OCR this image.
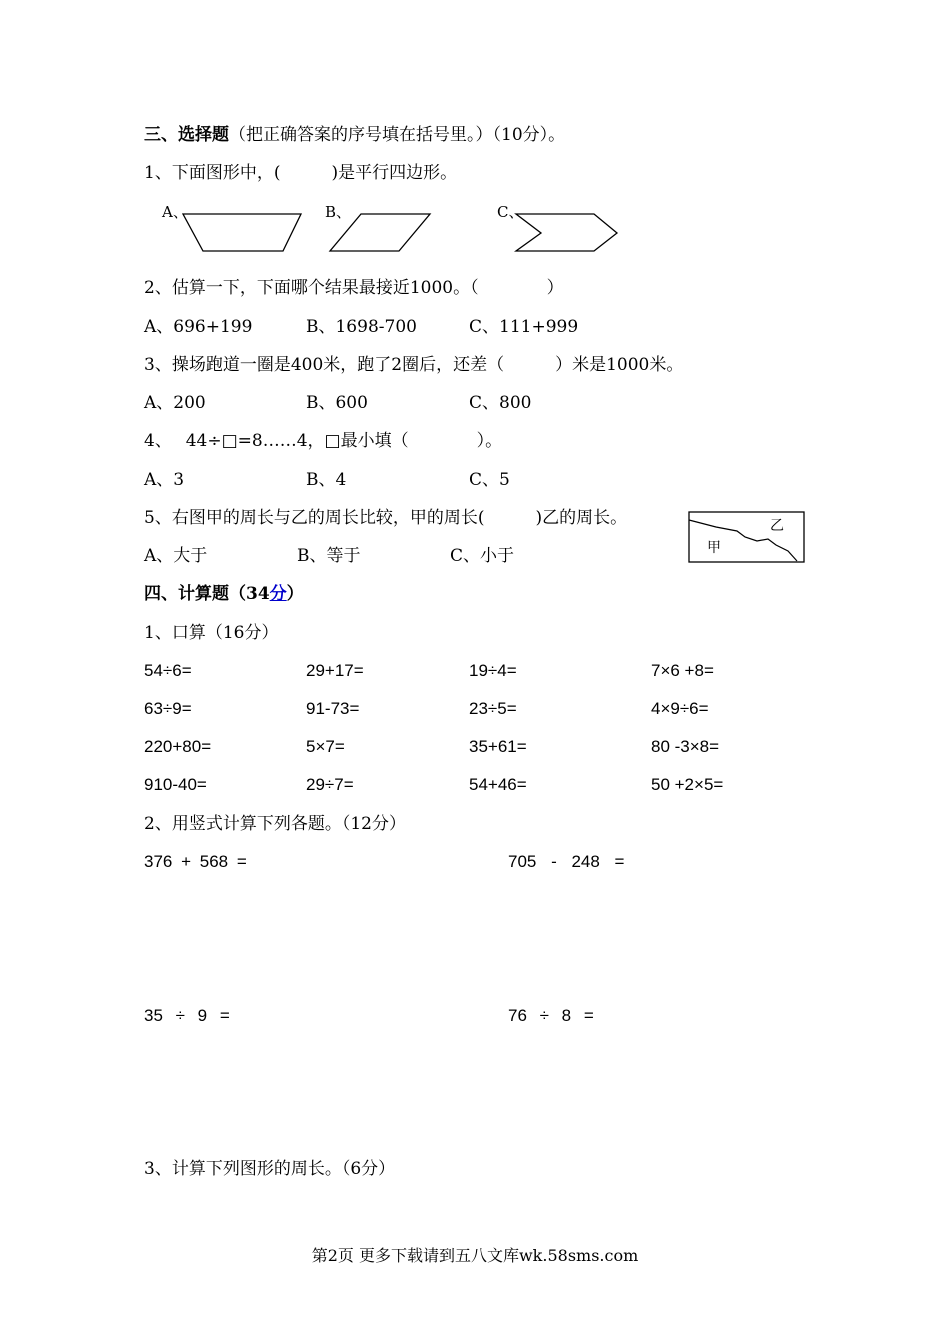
三、选择题（把正确答案的序号填在括号里。）（10分）。
1、下面图形中，(　　　)是平行四边形。
A、	B、	C、
2、估算一下，下面哪个结果最接近1000。（　　　　）
A、696+199	B、1698-700	C、111+999
3、操场跑道一圈是400米，跑了2圈后，还差（　　　）米是1000米。
A、200	B、600	C、800
4、　 44÷□=8……4，□最小填（　　　　）。
A、3	B、4	C、5
5、右图甲的周长与乙的周长比较，甲的周长(　　　)乙的周长。
A、大于	B、等于	C、小于	甲
乙
四、计算题（34分）
1、口算（16分）
54÷6=	29+17=	19÷4=	7×6 +8=
63÷9=	91-73=	23÷5=	4×9÷6=
220+80=	5×7=	35+61=	80 -3×8=
910-40=	29÷7=	54+46=	50 +2×5=
2、用竖式计算下列各题。（12分）
376 + 568 =	705 - 248 =
35 ÷ 9 =	76 ÷ 8 =
3、计算下列图形的周长。（6分）
第2页 更多下载请到五八文库wk.58sms.com
